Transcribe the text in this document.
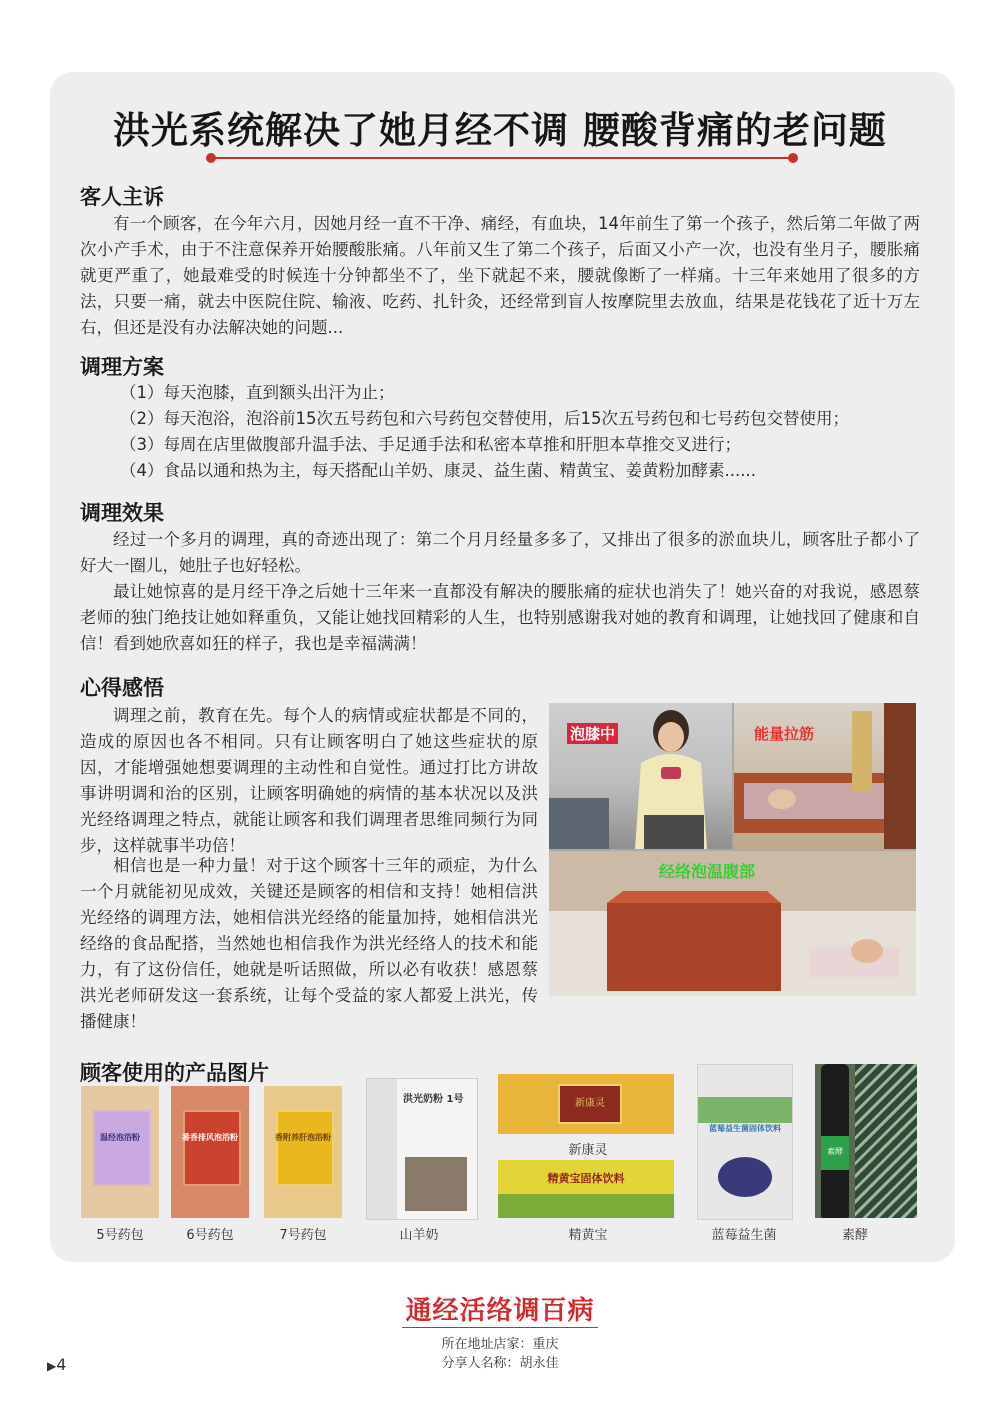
洪光系统解决了她月经不调 腰酸背痛的老问题
客人主诉

有一个顾客，在今年六月，因她月经一直不干净、痛经，有血块，14年前生了第一个孩子，然后第二年做了两次小产手术，由于不注意保养开始腰酸胀痛。八年前又生了第二个孩子，后面又小产一次，也没有坐月子，腰胀痛就更严重了，她最难受的时候连十分钟都坐不了，坐下就起不来，腰就像断了一样痛。十三年来她用了很多的方法，只要一痛，就去中医院住院、输液、吃药、扎针灸，还经常到盲人按摩院里去放血，结果是花钱花了近十万左右，但还是没有办法解决她的问题...

调理方案
（1）每天泡膝，直到额头出汗为止；
（2）每天泡浴，泡浴前15次五号药包和六号药包交替使用，后15次五号药包和七号药包交替使用；
（3）每周在店里做腹部升温手法、手足通手法和私密本草推和肝胆本草推交叉进行；
（4）食品以通和热为主，每天搭配山羊奶、康灵、益生菌、精黄宝、姜黄粉加酵素......
调理效果

经过一个多月的调理，真的奇迹出现了：第二个月月经量多多了，又排出了很多的淤血块儿，顾客肚子都小了好大一圈儿，她肚子也好轻松。

最让她惊喜的是月经干净之后她十三年来一直都没有解决的腰胀痛的症状也消失了！她兴奋的对我说，感恩蔡老师的独门绝技让她如释重负，又能让她找回精彩的人生，也特别感谢我对她的教育和调理，让她找回了健康和自信！看到她欣喜如狂的样子，我也是幸福满满！

心得感悟

调理之前，教育在先。每个人的病情或症状都是不同的，造成的原因也各不相同。只有让顾客明白了她这些症状的原因，才能增强她想要调理的主动性和自觉性。通过打比方讲故事讲明调和治的区别，让顾客明确她的病情的基本状况以及洪光经络调理之特点，就能让顾客和我们调理者思维同频行为同步，这样就事半功倍！

相信也是一种力量！对于这个顾客十三年的顽症，为什么一个月就能初见成效，关键还是顾客的相信和支持！她相信洪光经络的调理方法，她相信洪光经络的能量加持，她相信洪光经络的食品配搭，当然她也相信我作为洪光经络人的技术和能力，有了这份信任，她就是听话照做，所以必有收获！感恩蔡洪光老师研发这一套系统，让每个受益的家人都爱上洪光，传播健康！

泡膝中	能量拉筋
经络泡温腹部
顾客使用的产品图片
温经泡浴粉
5号药包
番香排风泡浴粉
6号药包
香附养肝泡浴粉
7号药包
洪光奶粉 1号
山羊奶
新康灵
新康灵
精黄宝固体饮料
精黄宝
蓝莓益生菌固体饮料
蓝莓益生菌
素酵
素酵
通经活络调百病
所在地址店家：重庆
分享人名称：胡永佳
▶4
